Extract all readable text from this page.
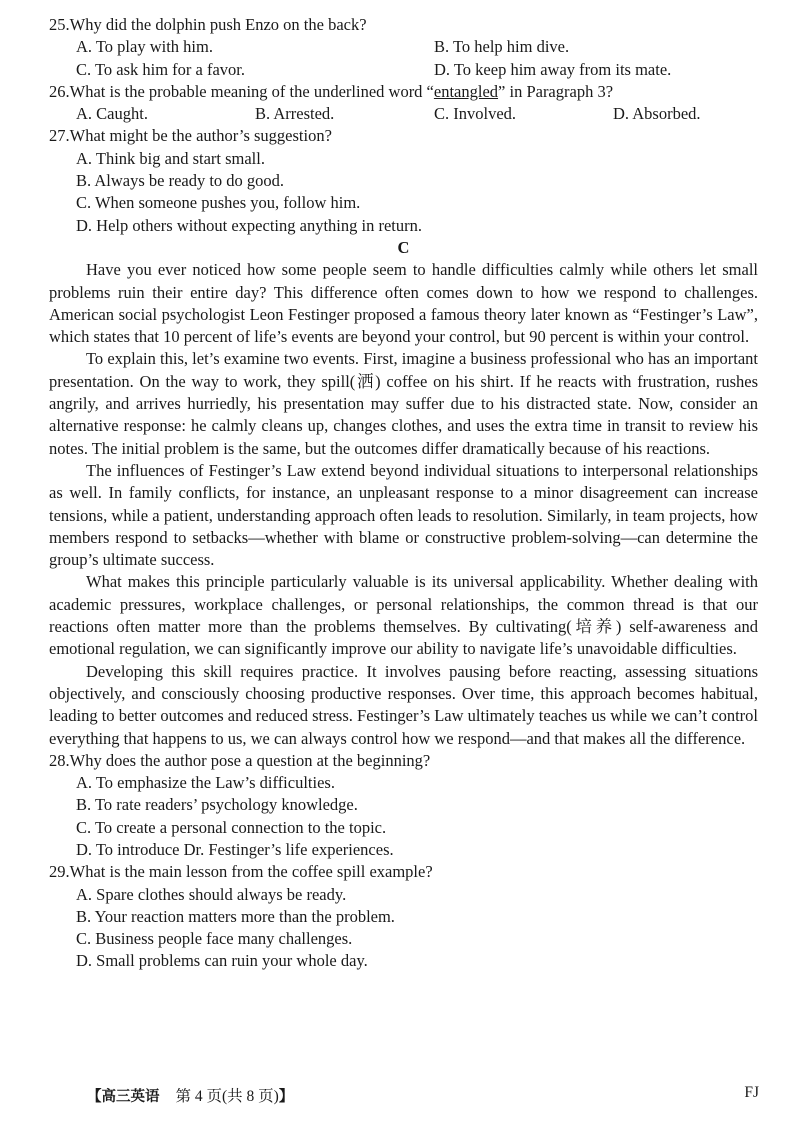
25.Why did the dolphin push Enzo on the back?
A. To play with him.	B. To help him dive.
C. To ask him for a favor.	D. To keep him away from its mate.
26.What is the probable meaning of the underlined word “entangled” in Paragraph 3?
A. Caught.	B. Arrested.	C. Involved.	D. Absorbed.
27.What might be the author’s suggestion?
A. Think big and start small.
B. Always be ready to do good.
C. When someone pushes you, follow him.
D. Help others without expecting anything in return.
C

Have you ever noticed how some people seem to handle difficulties calmly while others let small problems ruin their entire day? This difference often comes down to how we respond to challenges. American social psychologist Leon Festinger proposed a famous theory later known as “Festinger’s Law”, which states that 10 percent of life’s events are beyond your control, but 90 percent is within your control.

To explain this, let’s examine two events. First, imagine a business professional who has an important presentation. On the way to work, they spill(洒) coffee on his shirt. If he reacts with frustration, rushes angrily, and arrives hurriedly, his presentation may suffer due to his distracted state. Now, consider an alternative response: he calmly cleans up, changes clothes, and uses the extra time in transit to review his notes. The initial problem is the same, but the outcomes differ dramatically because of his reactions.

The influences of Festinger’s Law extend beyond individual situations to interpersonal relationships as well. In family conflicts, for instance, an unpleasant response to a minor disagreement can increase tensions, while a patient, understanding approach often leads to resolution. Similarly, in team projects, how members respond to setbacks—whether with blame or constructive problem-solving—can determine the group’s ultimate success.

What makes this principle particularly valuable is its universal applicability. Whether dealing with academic pressures, workplace challenges, or personal relationships, the common thread is that our reactions often matter more than the problems themselves. By cultivating(培养) self-awareness and emotional regulation, we can significantly improve our ability to navigate life’s unavoidable difficulties.

Developing this skill requires practice. It involves pausing before reacting, assessing situations objectively, and consciously choosing productive responses. Over time, this approach becomes habitual, leading to better outcomes and reduced stress. Festinger’s Law ultimately teaches us while we can’t control everything that happens to us, we can always control how we respond—and that makes all the difference.

28.Why does the author pose a question at the beginning?
A. To emphasize the Law’s difficulties.
B. To rate readers’ psychology knowledge.
C. To create a personal connection to the topic.
D. To introduce Dr. Festinger’s life experiences.
29.What is the main lesson from the coffee spill example?
A. Spare clothes should always be ready.
B. Your reaction matters more than the problem.
C. Business people face many challenges.
D. Small problems can ruin your whole day.
【高三英语 第 4 页(共 8 页)】	FJ
